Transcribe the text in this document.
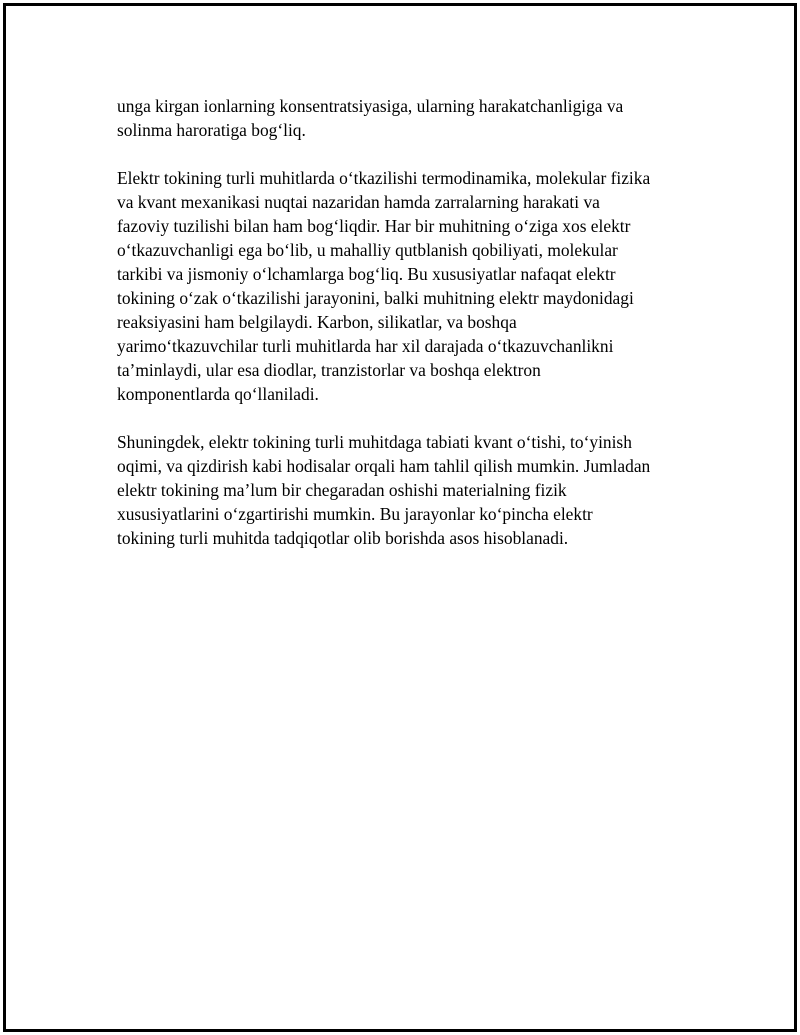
unga kirgan ionlarning konsentratsiyasiga, ularning harakatchanligiga va
solinma haroratiga bog‘liq.

Elektr tokining turli muhitlarda o‘tkazilishi termodinamika, molekular fizika
va kvant mexanikasi nuqtai nazaridan hamda zarralarning harakati va
fazoviy tuzilishi bilan ham bog‘liqdir. Har bir muhitning o‘ziga xos elektr
o‘tkazuvchanligi ega bo‘lib, u mahalliy qutblanish qobiliyati, molekular
tarkibi va jismoniy o‘lchamlarga bog‘liq. Bu xususiyatlar nafaqat elektr
tokining o‘zak o‘tkazilishi jarayonini, balki muhitning elektr maydonidagi
reaksiyasini ham belgilaydi. Karbon, silikatlar, va boshqa
yarimo‘tkazuvchilar turli muhitlarda har xil darajada o‘tkazuvchanlikni
ta’minlaydi, ular esa diodlar, tranzistorlar va boshqa elektron
komponentlarda qo‘llaniladi.

Shuningdek, elektr tokining turli muhitdaga tabiati kvant o‘tishi, to‘yinish
oqimi, va qizdirish kabi hodisalar orqali ham tahlil qilish mumkin. Jumladan
elektr tokining ma’lum bir chegaradan oshishi materialning fizik
xususiyatlarini o‘zgartirishi mumkin. Bu jarayonlar ko‘pincha elektr
tokining turli muhitda tadqiqotlar olib borishda asos hisoblanadi.
